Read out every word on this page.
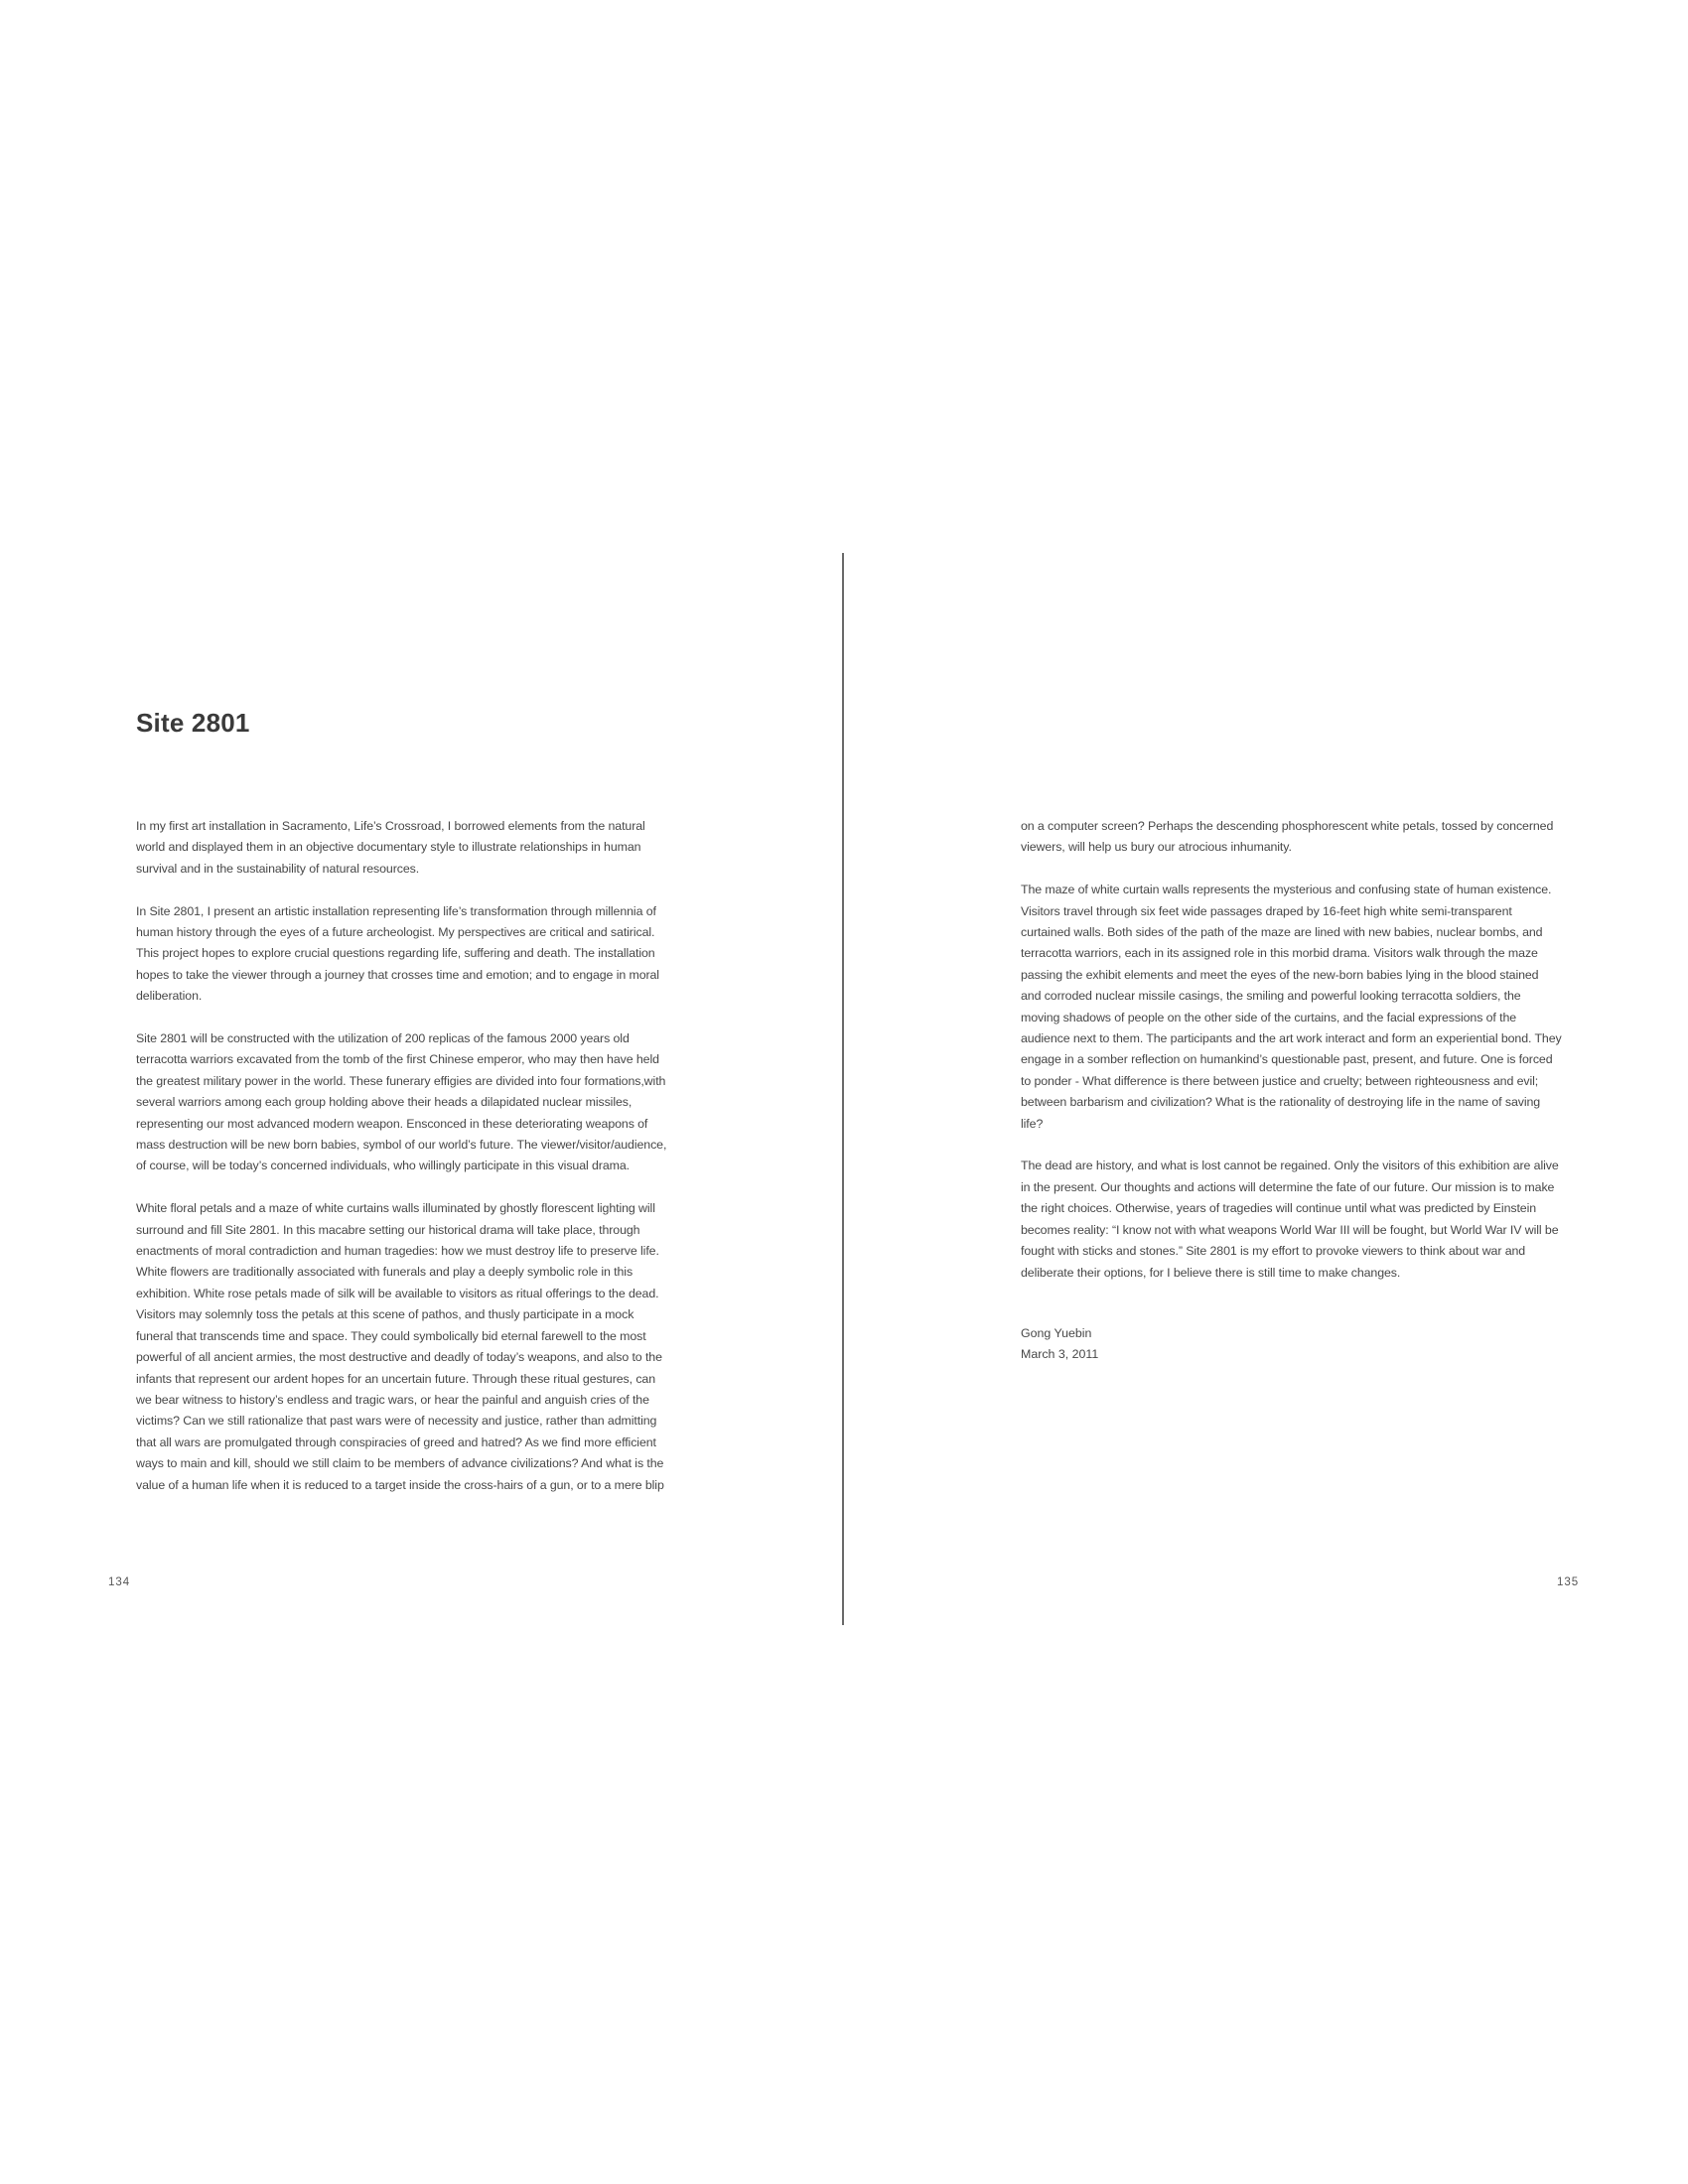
Site 2801

In my first art installation in Sacramento, Life’s Crossroad, I borrowed elements from the natural world and displayed them in an objective documentary style to illustrate relationships in human survival and in the sustainability of natural resources.

In Site 2801, I present an artistic installation representing life’s transformation through millennia of human history through the eyes of a future archeologist. My perspectives are critical and satirical. This project hopes to explore crucial questions regarding life, suffering and death. The installation hopes to take the viewer through a journey that crosses time and emotion; and to engage in moral deliberation.

Site 2801 will be constructed with the utilization of 200 replicas of the famous 2000 years old terracotta warriors excavated from the tomb of the first Chinese emperor, who may then have held the greatest military power in the world. These funerary effigies are divided into four formations,with several warriors among each group holding above their heads a dilapidated nuclear missiles, representing our most advanced modern weapon. Ensconced in these deteriorating weapons of mass destruction will be new born babies, symbol of our world’s future. The viewer/visitor/audience, of course, will be today’s concerned individuals, who willingly participate in this visual drama.

White floral petals and a maze of white curtains walls illuminated by ghostly florescent lighting will surround and fill Site 2801. In this macabre setting our historical drama will take place, through enactments of moral contradiction and human tragedies: how we must destroy life to preserve life. White flowers are traditionally associated with funerals and play a deeply symbolic role in this exhibition. White rose petals made of silk will be available to visitors as ritual offerings to the dead. Visitors may solemnly toss the petals at this scene of pathos, and thusly participate in a mock funeral that transcends time and space. They could symbolically bid eternal farewell to the most powerful of all ancient armies, the most destructive and deadly of today’s weapons, and also to the infants that represent our ardent hopes for an uncertain future. Through these ritual gestures, can we bear witness to history’s endless and tragic wars, or hear the painful and anguish cries of the victims? Can we still rationalize that past wars were of necessity and justice, rather than admitting that all wars are promulgated through conspiracies of greed and hatred? As we find more efficient ways to main and kill, should we still claim to be members of advance civilizations? And what is the value of a human life when it is reduced to a target inside the cross-hairs of a gun, or to a mere blip

134

on a computer screen? Perhaps the descending phosphorescent white petals, tossed by concerned viewers, will help us bury our atrocious inhumanity.

The maze of white curtain walls represents the mysterious and confusing state of human existence. Visitors travel through six feet wide passages draped by 16-feet high white semi-transparent curtained walls. Both sides of the path of the maze are lined with new babies, nuclear bombs, and terracotta warriors, each in its assigned role in this morbid drama. Visitors walk through the maze passing the exhibit elements and meet the eyes of the new-born babies lying in the blood stained and corroded nuclear missile casings, the smiling and powerful looking terracotta soldiers, the moving shadows of people on the other side of the curtains, and the facial expressions of the audience next to them. The participants and the art work interact and form an experiential bond. They engage in a somber reflection on humankind’s questionable past, present, and future. One is forced to ponder - What difference is there between justice and cruelty; between righteousness and evil; between barbarism and civilization? What is the rationality of destroying life in the name of saving life?

The dead are history, and what is lost cannot be regained. Only the visitors of this exhibition are alive in the present. Our thoughts and actions will determine the fate of our future. Our mission is to make the right choices. Otherwise, years of tragedies will continue until what was predicted by Einstein becomes reality: “I know not with what weapons World War III will be fought, but World War IV will be fought with sticks and stones.” Site 2801 is my effort to provoke viewers to think about war and deliberate their options, for I believe there is still time to make changes.

Gong Yuebin
March 3, 2011
135
